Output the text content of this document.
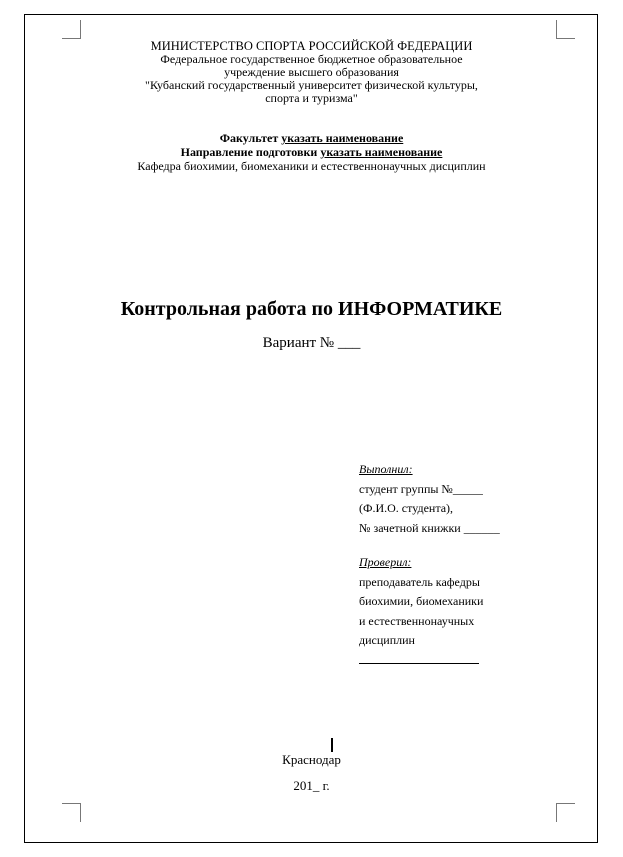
МИНИСТЕРСТВО СПОРТА РОССИЙСКОЙ ФЕДЕРАЦИИ
Федеральное государственное бюджетное образовательное
учреждение высшего образования
"Кубанский государственный университет физической культуры,
спорта и туризма"
Факультет указать наименование
Направление подготовки указать наименование
Кафедра биохимии, биомеханики и естественнонаучных дисциплин
Контрольная работа по ИНФОРМАТИКЕ
Вариант № ___
Выполнил:
студент группы №_____
(Ф.И.О. студента),
№ зачетной книжки ______
Проверил:
преподаватель кафедры
биохимии, биомеханики
и естественнонаучных
дисциплин
Краснодар
201_ г.
